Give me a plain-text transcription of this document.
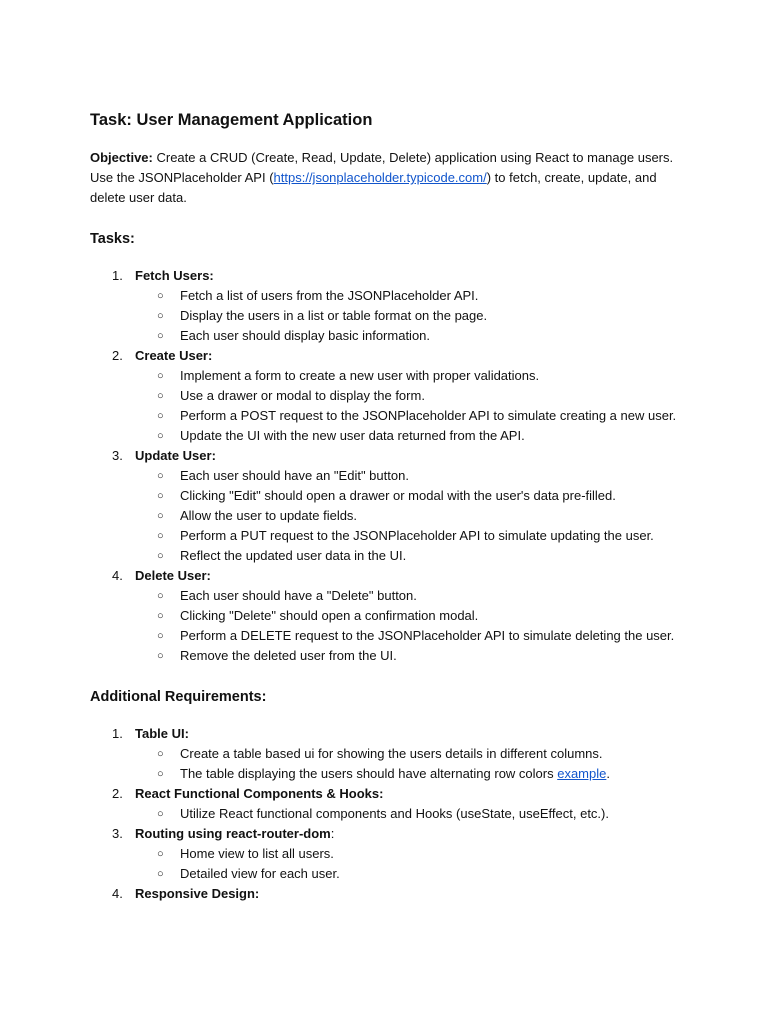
Task: User Management Application

Objective: Create a CRUD (Create, Read, Update, Delete) application using React to manage users. Use the JSONPlaceholder API (https://jsonplaceholder.typicode.com/) to fetch, create, update, and delete user data.

Tasks:
1. Fetch Users:
○ Fetch a list of users from the JSONPlaceholder API.
○ Display the users in a list or table format on the page.
○ Each user should display basic information.
2. Create User:
○ Implement a form to create a new user with proper validations.
○ Use a drawer or modal to display the form.
○ Perform a POST request to the JSONPlaceholder API to simulate creating a new user.
○ Update the UI with the new user data returned from the API.
3. Update User:
○ Each user should have an "Edit" button.
○ Clicking "Edit" should open a drawer or modal with the user's data pre-filled.
○ Allow the user to update fields.
○ Perform a PUT request to the JSONPlaceholder API to simulate updating the user.
○ Reflect the updated user data in the UI.
4. Delete User:
○ Each user should have a "Delete" button.
○ Clicking "Delete" should open a confirmation modal.
○ Perform a DELETE request to the JSONPlaceholder API to simulate deleting the user.
○ Remove the deleted user from the UI.
Additional Requirements:
1. Table UI:
○ Create a table based ui for showing the users details in different columns.
○ The table displaying the users should have alternating row colors example.
2. React Functional Components & Hooks:
○ Utilize React functional components and Hooks (useState, useEffect, etc.).
3. Routing using react-router-dom:
○ Home view to list all users.
○ Detailed view for each user.
4. Responsive Design:
